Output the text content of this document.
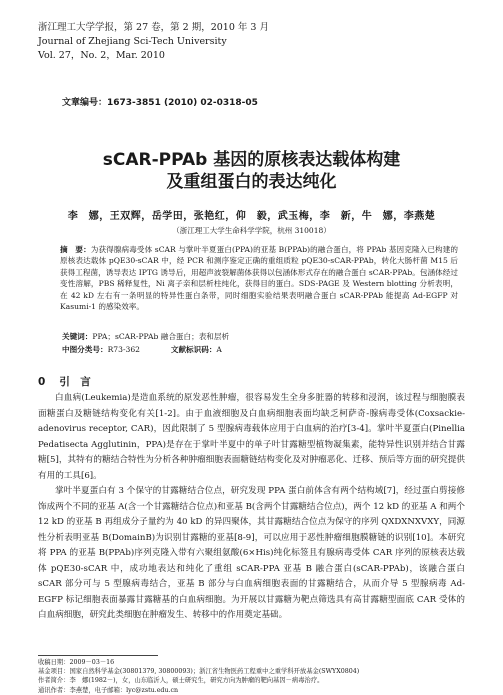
浙江理工大学学报，第 27 卷，第 2 期，2010 年 3 月
Journal of Zhejiang Sci-Tech University
Vol. 27，No. 2，Mar. 2010
文章编号：1673-3851 (2010) 02-0318-05
sCAR-PPAb 基因的原核表达载体构建
及重组蛋白的表达纯化
李　娜，王双辉，岳学田，张艳红，仰　毅，武玉梅，李　新，牛　娜，李燕楚
（浙江理工大学生命科学学院，杭州 310018）
摘　要：为获得腺病毒受体 sCAR 与掌叶半夏蛋白(PPA)的亚基 B(PPAb)的融合蛋白，将 PPAb 基因克隆入已构建的原核表达载体 pQE30-sCAR 中，经 PCR 和测序鉴定正确的重组质粒 pQE30-sCAR-PPAb，转化大肠杆菌 M15 后获得工程菌，诱导表达 IPTG 诱导后，用超声波裂解菌体获得以包涵体形式存在的融合蛋白 sCAR-PPAb。包涵体经过变性溶解，PBS 稀释复性，Ni 离子亲和层析柱纯化，获得目的蛋白。SDS-PAGE 及 Western blotting 分析表明，在 42 kD 左右有一条明显的特异性蛋白条带，同时细胞实验结果表明融合蛋白 sCAR-PPAb 能提高 Ad-EGFP 对 Kasumi-1 的感染效率。
关键词：PPA；sCAR-PPAb 融合蛋白；表和层析
中图分类号：R73-362	文献标识码：A
0 引　言

白血病(Leukemia)是造血系统的原发恶性肿瘤，很容易发生全身多脏器的转移和浸润，该过程与细胞膜表面糖蛋白及糖链结构变化有关[1-2]。由于血液细胞及白血病细胞表面均缺乏柯萨奇-腺病毒受体(Coxsackie-adenovirus receptor, CAR)，因此限制了 5 型腺病毒载体应用于白血病的治疗[3-4]。掌叶半夏蛋白(Pinellia Pedatisecta Agglutinin，PPA)是存在于掌叶半夏中的单子叶甘露糖型植物凝集素，能特异性识别并结合甘露糖[5]，其特有的糖结合特性为分析各种肿瘤细胞表面糖链结构变化及对肿瘤恶化、迁移、预后等方面的研究提供有用的工具[6]。

掌叶半夏蛋白有 3 个保守的甘露糖结合位点，研究发现 PPA 蛋白前体含有两个结构域[7]，经过蛋白剪接修饰成两个不同的亚基 A(含一个甘露糖结合位点)和亚基 B(含两个甘露糖结合位点)，两个 12 kD 的亚基 A 和两个 12 kD 的亚基 B 再组成分子量约为 40 kD 的异四聚体，其甘露糖结合位点为保守的序列 QXDXNXVXY，同源性分析表明亚基 B(DomainB)为识别甘露糖的亚基[8-9]，可以应用于恶性肿瘤细胞膜糖链的识别[10]。本研究将 PPA 的亚基 B(PPAb)序列克隆入带有六聚组氨酸(6×His)纯化标签且有腺病毒受体 CAR 序列的原核表达载体 pQE30-sCAR 中，成功地表达和纯化了重组 sCAR-PPA 亚基 B 融合蛋白(sCAR-PPAb)，该融合蛋白 sCAR 部分可与 5 型腺病毒结合，亚基 B 部分与白血病细胞表面的甘露糖结合，从而介导 5 型腺病毒 Ad-EGFP 标记细胞表面暴露甘露糖基的白血病细胞。为开展以甘露糖为靶点筛选具有高甘露糖型面底 CAR 受体的白血病细胞，研究此类细胞在肿瘤发生、转移中的作用奠定基础。

收稿日期：2009－03－16
基金项目：国家自然科学基金(30801379, 30800093)；浙江省生物医药工程重中之重学科开放基金(SWYX0804)
作者简介：李　娜(1982－)，女，山东临沂人，硕士研究生，研究方向为肿瘤的靶向基因－病毒治疗。
通讯作者：李燕楚，电子邮箱：lyc@zstu.edu.cn
